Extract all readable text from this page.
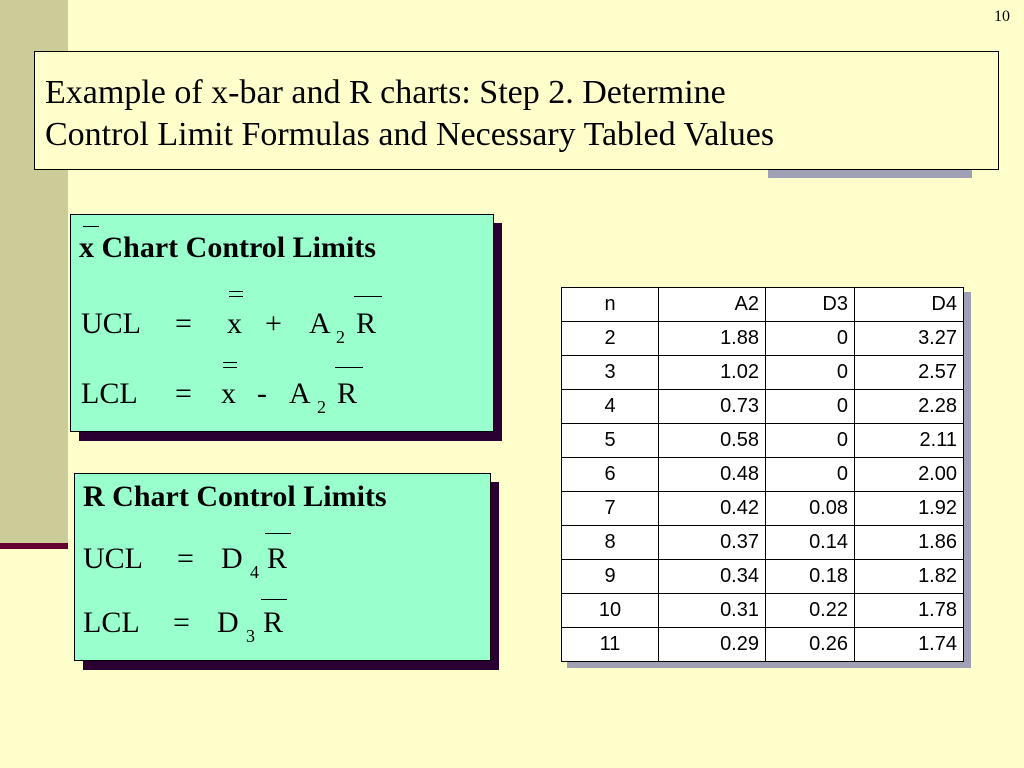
10
Example of x-bar and R charts: Step 2. Determine
Control Limit Formulas and Necessary Tabled Values
x Chart Control Limits
UCL = x + A 2 R
LCL = x - A 2 R
R Chart Control Limits
UCL = D 4 R
LCL = D 3 R
n	A2	D3	D4
2	1.88	0	3.27
3	1.02	0	2.57
4	0.73	0	2.28
5	0.58	0	2.11
6	0.48	0	2.00
7	0.42	0.08	1.92
8	0.37	0.14	1.86
9	0.34	0.18	1.82
10	0.31	0.22	1.78
11	0.29	0.26	1.74
